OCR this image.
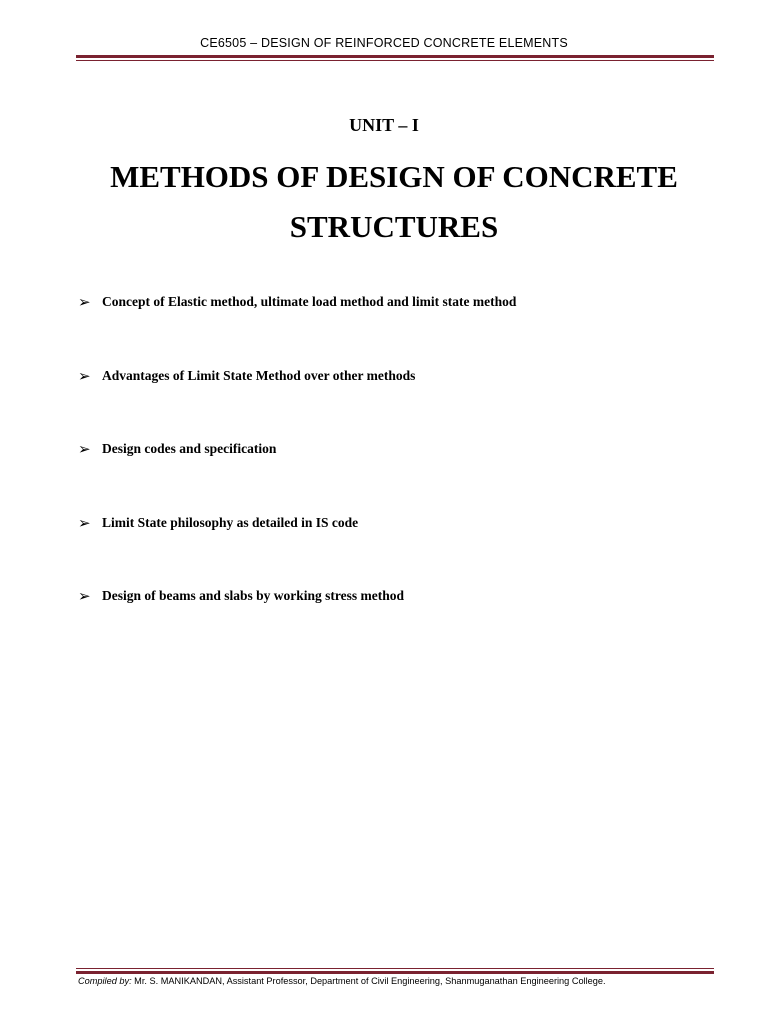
CE6505 – DESIGN OF REINFORCED CONCRETE ELEMENTS
UNIT – I
METHODS OF DESIGN OF CONCRETE STRUCTURES
➢ Concept of Elastic method, ultimate load method and limit state method
➢ Advantages of Limit State Method over other methods
➢ Design codes and specification
➢ Limit State philosophy as detailed in IS code
➢ Design of beams and slabs by working stress method
Compiled by: Mr. S. MANIKANDAN, Assistant Professor, Department of Civil Engineering, Shanmuganathan Engineering College.
